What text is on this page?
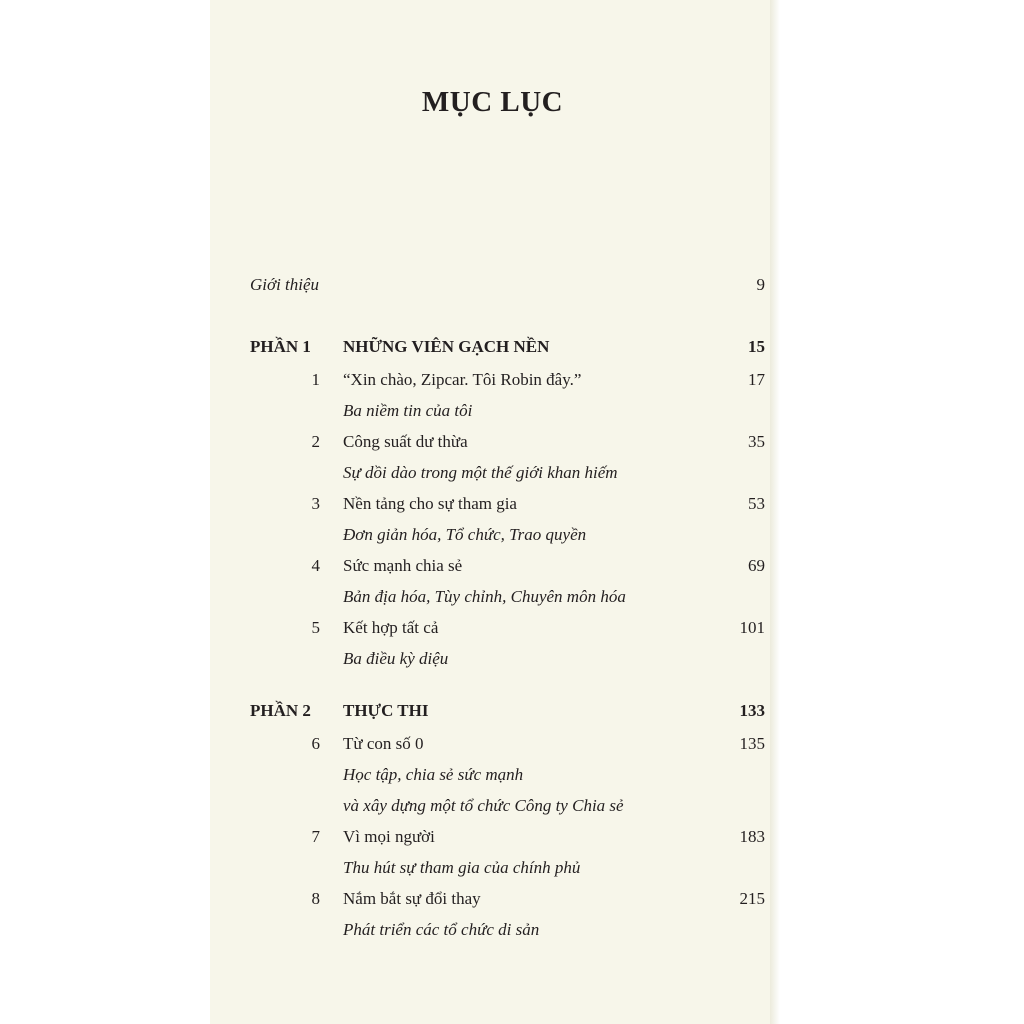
MỤC LỤC
Giới thiệu	9
PHẦN 1 NHỮNG VIÊN GẠCH NỀN	15
1 “Xin chào, Zipcar. Tôi Robin đây.”	17
Ba niềm tin của tôi
2 Công suất dư thừa	35
Sự dồi dào trong một thế giới khan hiếm
3 Nền tảng cho sự tham gia	53
Đơn giản hóa, Tổ chức, Trao quyền
4 Sức mạnh chia sẻ	69
Bản địa hóa, Tùy chỉnh, Chuyên môn hóa
5 Kết hợp tất cả	101
Ba điều kỳ diệu
PHẦN 2 THỰC THI	133
6 Từ con số 0	135
Học tập, chia sẻ sức mạnh
và xây dựng một tổ chức Công ty Chia sẻ
7 Vì mọi người	183
Thu hút sự tham gia của chính phủ
8 Nắm bắt sự đổi thay	215
Phát triển các tổ chức di sản
